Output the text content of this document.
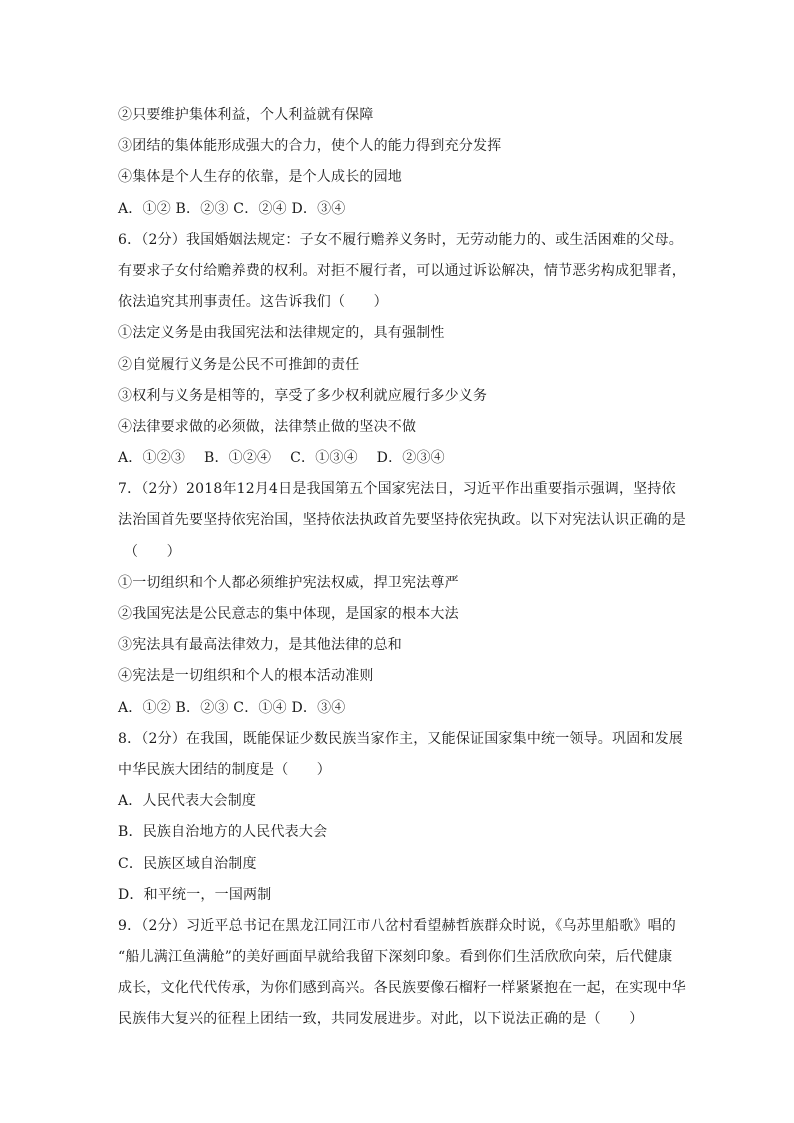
②只要维护集体利益，个人利益就有保障
③团结的集体能形成强大的合力，使个人的能力得到充分发挥
④集体是个人生存的依靠，是个人成长的园地
A．①② B．②③ C．②④ D．③④
6．（2分）我国婚姻法规定：子女不履行赡养义务时，无劳动能力的、或生活困难的父母。
有要求子女付给赡养费的权利。对拒不履行者，可以通过诉讼解决，情节恶劣构成犯罪者，
依法追究其刑事责任。这告诉我们（　　）
①法定义务是由我国宪法和法律规定的，具有强制性
②自觉履行义务是公民不可推卸的责任
③权利与义务是相等的，享受了多少权利就应履行多少义务
④法律要求做的必须做，法律禁止做的坚决不做
A．①②③　 B．①②④　 C．①③④　 D．②③④
7．（2分）2018年12月4日是我国第五个国家宪法日，习近平作出重要指示强调，坚持依
法治国首先要坚持依宪治国，坚持依法执政首先要坚持依宪执政。以下对宪法认识正确的是
（　　）
①一切组织和个人都必须维护宪法权威，捍卫宪法尊严
②我国宪法是公民意志的集中体现，是国家的根本大法
③宪法具有最高法律效力，是其他法律的总和
④宪法是一切组织和个人的根本活动准则
A．①② B．②③ C．①④ D．③④
8．（2分）在我国，既能保证少数民族当家作主，又能保证国家集中统一领导。巩固和发展
中华民族大团结的制度是（　　）
A．人民代表大会制度
B．民族自治地方的人民代表大会
C．民族区域自治制度
D．和平统一，一国两制
9．（2分）习近平总书记在黑龙江同江市八岔村看望赫哲族群众时说，《乌苏里船歌》唱的
“船儿满江鱼满舱”的美好画面早就给我留下深刻印象。看到你们生活欣欣向荣，后代健康
成长，文化代代传承，为你们感到高兴。各民族要像石榴籽一样紧紧抱在一起，在实现中华
民族伟大复兴的征程上团结一致，共同发展进步。对此，以下说法正确的是（　　）
